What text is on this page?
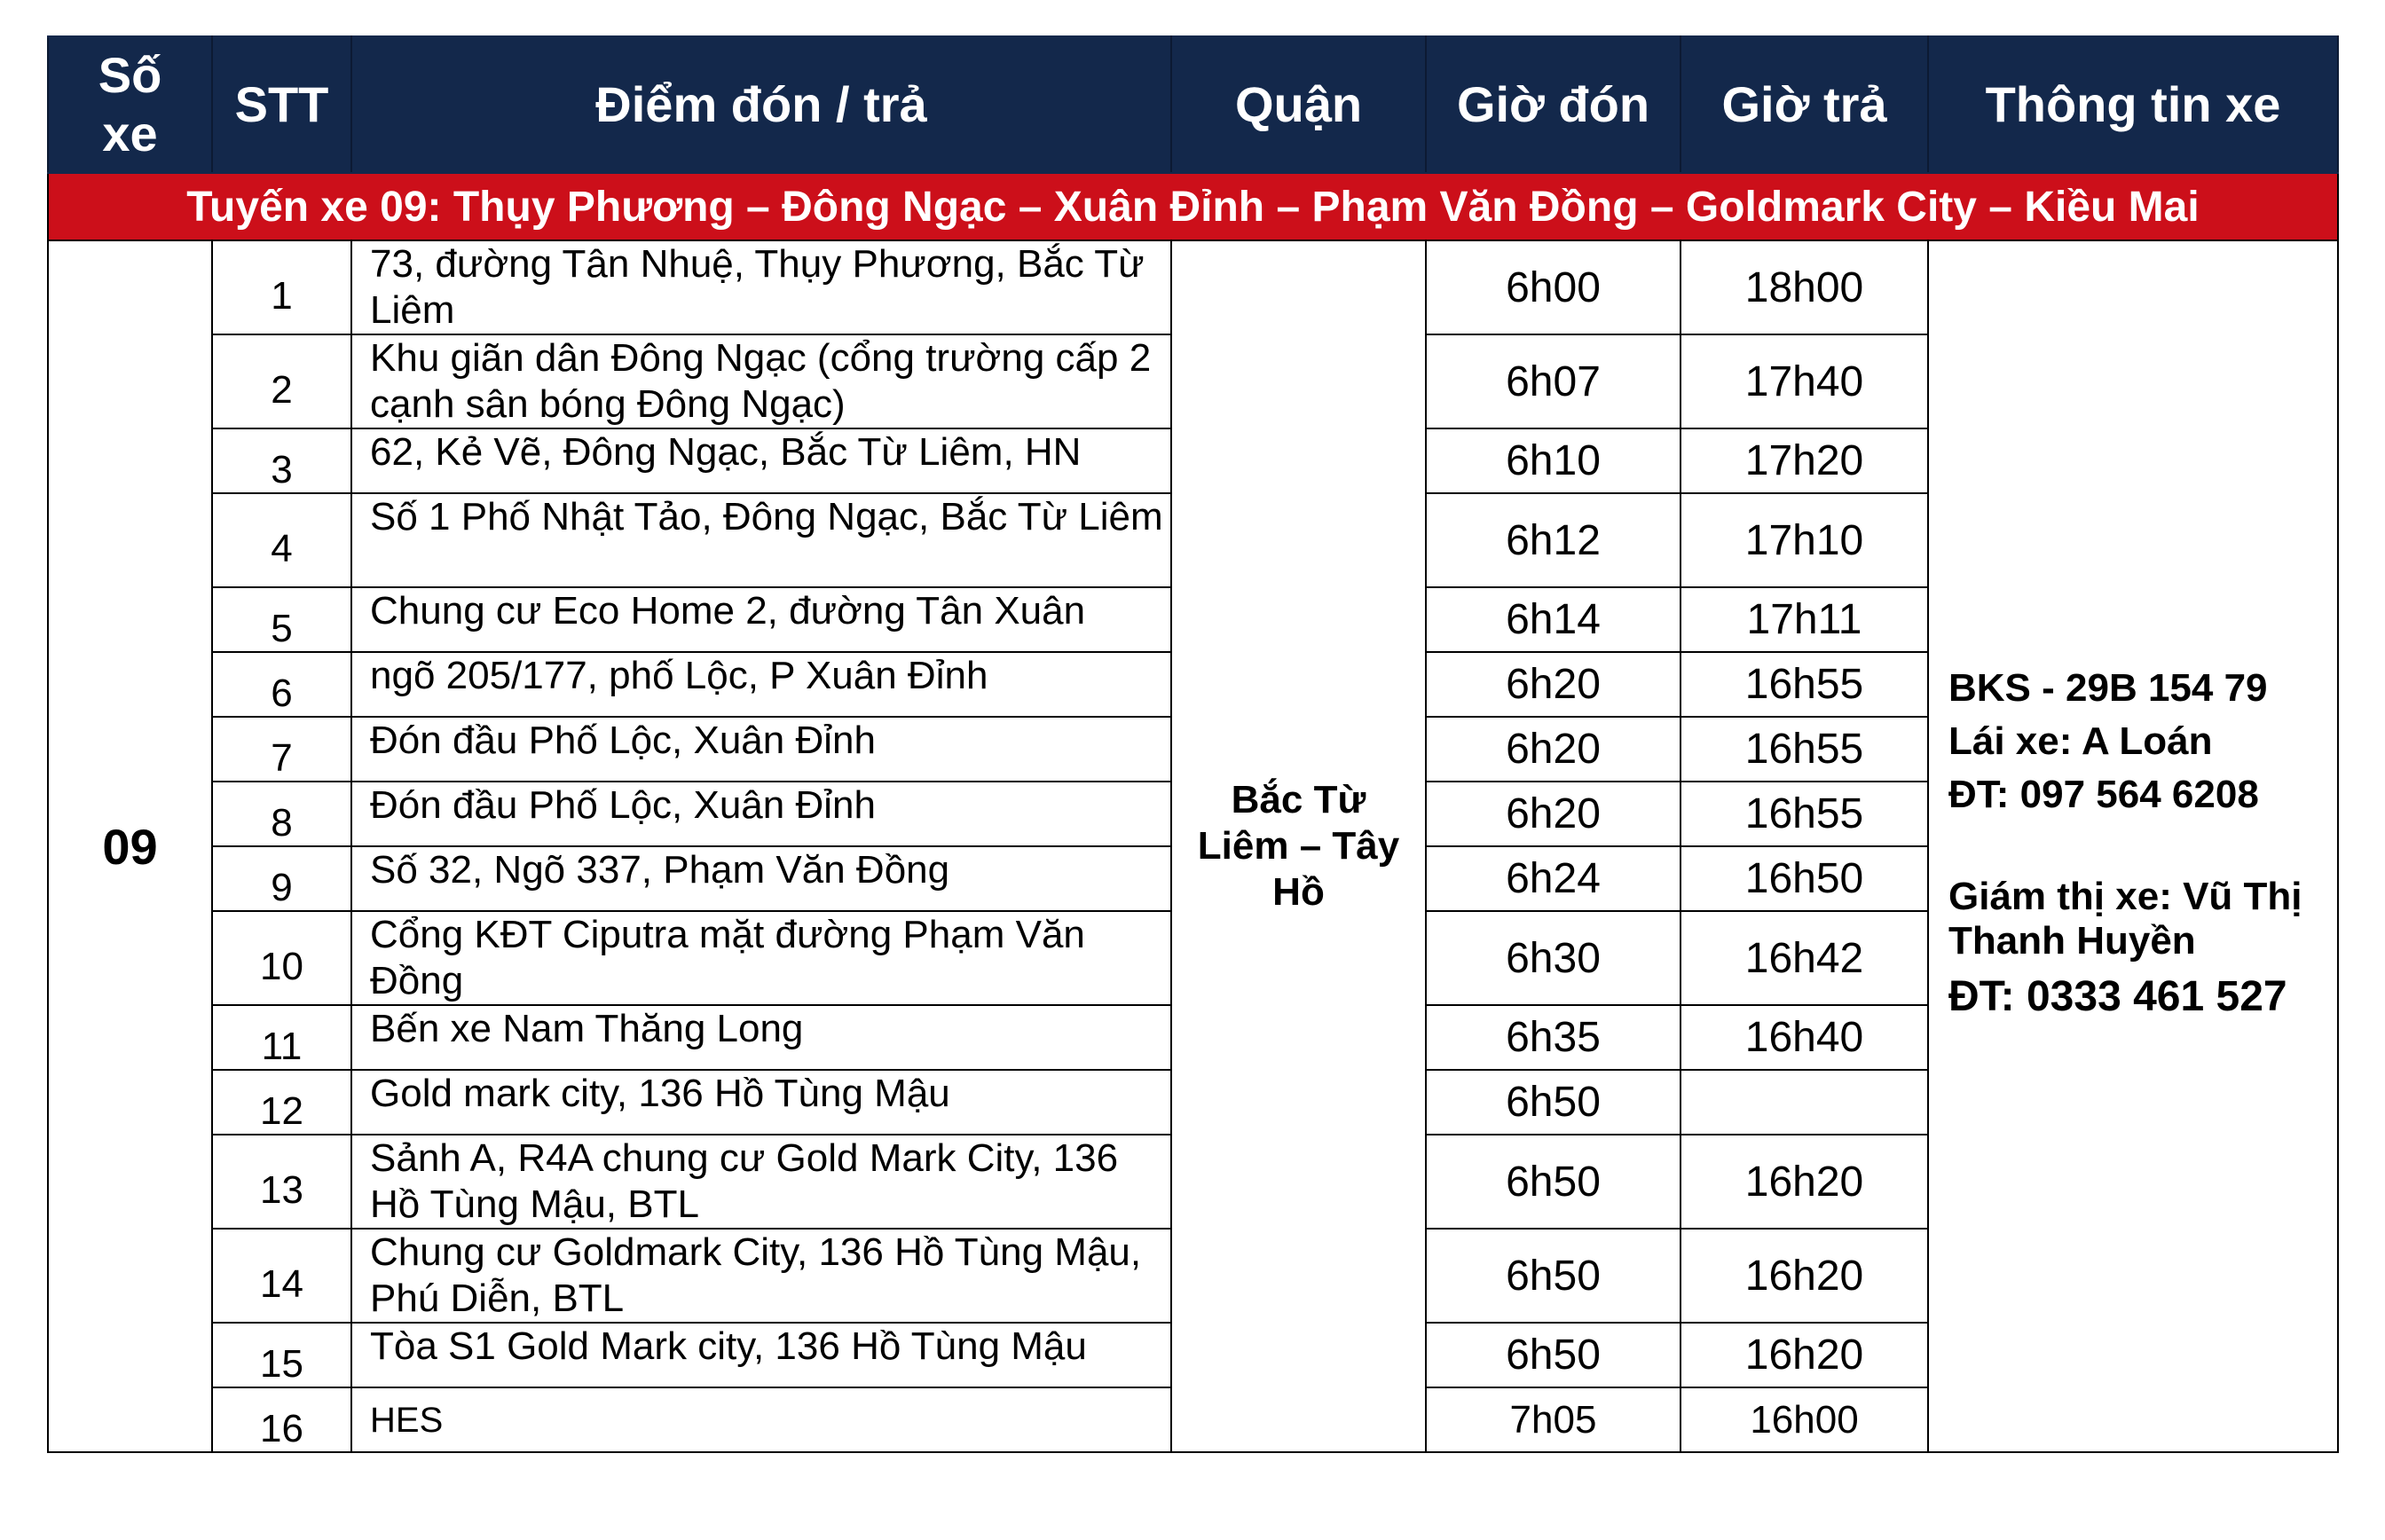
Số xe	STT	Điểm đón / trả	Quận	Giờ đón	Giờ trả	Thông tin xe
Tuyến xe 09: Thụy Phương – Đông Ngạc – Xuân Đỉnh – Phạm Văn Đồng – Goldmark City – Kiều Mai						
09	1	73, đường Tân Nhuệ, Thụy Phương, Bắc Từ Liêm	Bắc Từ Liêm – Tây Hồ	6h00	18h00	BKS - 29B 154 79

Lái xe: A Loán

ĐT: 097 564 6208

Giám thị xe: Vũ Thị Thanh Huyền

ĐT: 0333 461 527

	2	Khu giãn dân Đông Ngạc (cổng trường cấp 2 cạnh sân bóng Đông Ngạc)		6h07	17h40	
	3	62, Kẻ Vẽ, Đông Ngạc, Bắc Từ Liêm, HN		6h10	17h20	
	4	Số 1 Phố Nhật Tảo, Đông Ngạc, Bắc Từ Liêm		6h12	17h10	
	5	Chung cư Eco Home 2, đường Tân Xuân		6h14	17h11	
	6	ngõ 205/177, phố Lộc, P Xuân Đỉnh		6h20	16h55	
	7	Đón đầu Phố Lộc, Xuân Đỉnh		6h20	16h55	
	8	Đón đầu Phố Lộc, Xuân Đỉnh		6h20	16h55	
	9	Số 32, Ngõ 337, Phạm Văn Đồng		6h24	16h50	
	10	Cổng KĐT Ciputra mặt đường Phạm Văn Đồng		6h30	16h42	
	11	Bến xe Nam Thăng Long		6h35	16h40	
	12	Gold mark city, 136 Hồ Tùng Mậu		6h50		
	13	Sảnh A, R4A chung cư Gold Mark City, 136 Hồ Tùng Mậu, BTL		6h50	16h20	
	14	Chung cư Goldmark City, 136 Hồ Tùng Mậu, Phú Diễn, BTL		6h50	16h20	
	15	Tòa S1 Gold Mark city, 136 Hồ Tùng Mậu		6h50	16h20	
	16	HES		7h05	16h00	
